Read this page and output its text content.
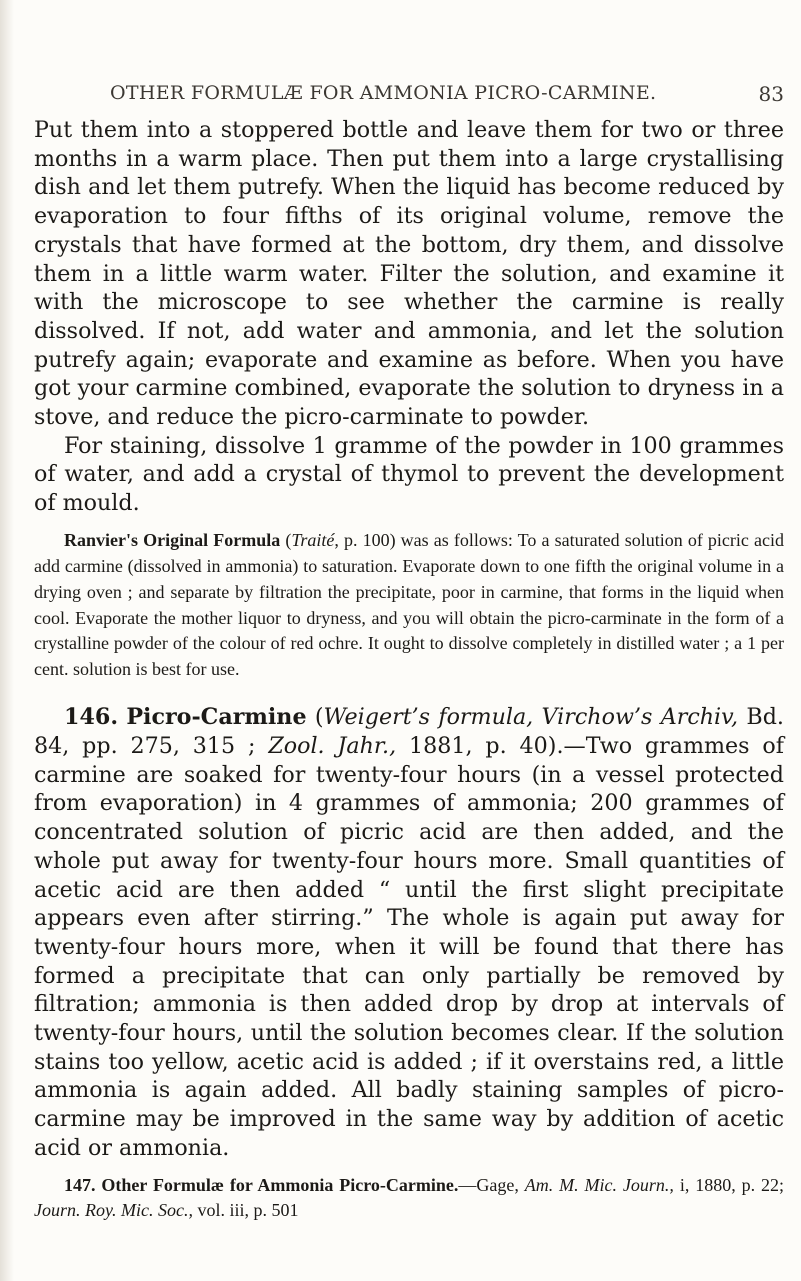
OTHER FORMULÆ FOR AMMONIA PICRO-CARMINE.	83

Put them into a stoppered bottle and leave them for two or three months in a warm place. Then put them into a large crystallising dish and let them putrefy. When the liquid has become reduced by evaporation to four fifths of its original volume, remove the crystals that have formed at the bottom, dry them, and dissolve them in a little warm water. Filter the solution, and examine it with the microscope to see whether the carmine is really dissolved. If not, add water and ammonia, and let the solution putrefy again; evaporate and examine as before. When you have got your carmine combined, evaporate the solution to dryness in a stove, and reduce the picro-carminate to powder.

For staining, dissolve 1 gramme of the powder in 100 grammes of water, and add a crystal of thymol to prevent the development of mould.

Ranvier's Original Formula (Traité, p. 100) was as follows: To a saturated solution of picric acid add carmine (dissolved in ammonia) to saturation. Evaporate down to one fifth the original volume in a drying oven ; and separate by filtration the precipitate, poor in carmine, that forms in the liquid when cool. Evaporate the mother liquor to dryness, and you will obtain the picro-carminate in the form of a crystalline powder of the colour of red ochre. It ought to dissolve completely in distilled water ; a 1 per cent. solution is best for use.

146. Picro-Carmine (Weigert’s formula, Virchow’s Archiv, Bd. 84, pp. 275, 315 ; Zool. Jahr., 1881, p. 40).—Two grammes of carmine are soaked for twenty-four hours (in a vessel protected from evaporation) in 4 grammes of ammonia; 200 grammes of concentrated solution of picric acid are then added, and the whole put away for twenty-four hours more. Small quantities of acetic acid are then added “ until the first slight precipitate appears even after stirring.” The whole is again put away for twenty-four hours more, when it will be found that there has formed a precipitate that can only partially be removed by filtration; ammonia is then added drop by drop at intervals of twenty-four hours, until the solution becomes clear. If the solution stains too yellow, acetic acid is added ; if it overstains red, a little ammonia is again added. All badly staining samples of picro-carmine may be improved in the same way by addition of acetic acid or ammonia.

147. Other Formulæ for Ammonia Picro-Carmine.—Gage, Am. M. Mic. Journ., i, 1880, p. 22; Journ. Roy. Mic. Soc., vol. iii, p. 501
